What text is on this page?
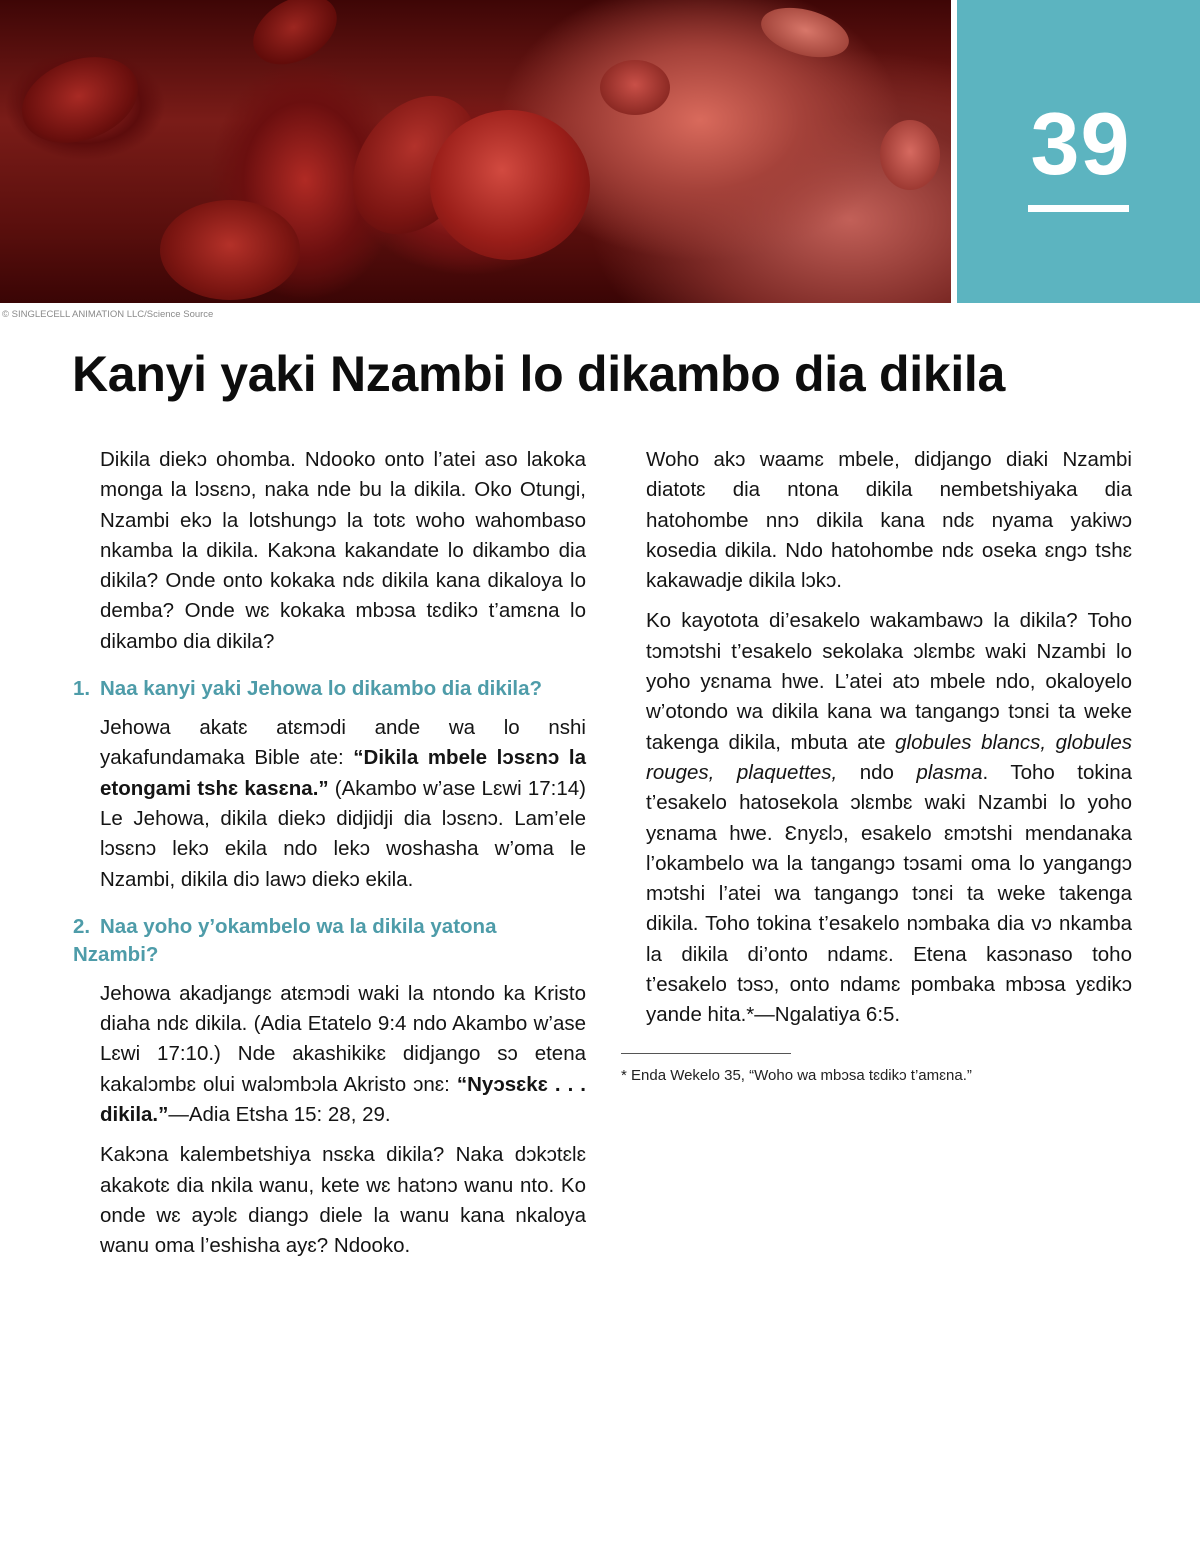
39
© SINGLECELL ANIMATION LLC/Science Source
Kanyi yaki Nzambi lo dikambo dia dikila

Dikila diekɔ ohomba. Ndooko onto l’atei aso lakoka monga la lɔsɛnɔ, naka nde bu la dikila. Oko Otungi, Nzambi ekɔ la lotshungɔ la totɛ woho wahombaso nkamba la dikila. Kakɔna kakandate lo dikambo dia dikila? Onde onto kokaka ndɛ dikila kana dikaloya lo demba? Onde wɛ kokaka mbɔsa tɛdikɔ t’amɛna lo dikambo dia dikila?

1. Naa kanyi yaki Jehowa lo dikambo dia dikila?

Jehowa akatɛ atɛmɔdi ande wa lo nshi yakafundamaka Bible ate: “Dikila mbele lɔsɛnɔ la etongami tshɛ kasɛna.” (Akambo w’ase Lɛwi 17:14) Le Jehowa, dikila diekɔ didjidji dia lɔsɛnɔ. Lam’ele lɔsɛnɔ lekɔ ekila ndo lekɔ woshasha w’oma le Nzambi, dikila diɔ lawɔ diekɔ ekila.

2. Naa yoho y’okambelo wa la dikila yatona Nzambi?

Jehowa akadjangɛ atɛmɔdi waki la ntondo ka Kristo diaha ndɛ dikila. (Adia Etatelo 9:4 ndo Akambo w’ase Lɛwi 17:10.) Nde akashikikɛ didjango sɔ etena kakalɔmbɛ olui walɔmbɔla Akristo ɔnɛ: “Nyɔsɛkɛ . . . dikila.”—Adia Etsha 15: 28, 29.

Kakɔna kalembetshiya nsɛka dikila? Naka dɔkɔtɛlɛ akakotɛ dia nkila wanu, kete wɛ hatɔnɔ wanu nto. Ko onde wɛ ayɔlɛ diangɔ diele la wanu kana nkaloya wanu oma l’eshisha ayɛ? Ndooko.

Woho akɔ waamɛ mbele, didjango diaki Nzambi diatotɛ dia ntona dikila nembetshiyaka dia hatohombe nnɔ dikila kana ndɛ nyama yakiwɔ kosedia dikila. Ndo hatohombe ndɛ oseka ɛngɔ tshɛ kakawadje dikila lɔkɔ.

Ko kayototа di’esakelo wakambawɔ la dikila? Toho tɔmɔtshi t’esakelo sekolaka ɔlɛmbɛ waki Nzambi lo yoho yɛnama hwe. L’atei atɔ mbele ndo, okaloyelo w’otondo wa dikila kana wa tangangɔ tɔnɛi ta weke takenga dikila, mbuta ate globules blancs, globules rouges, plaquettes, ndo plasma. Toho tokina t’esakelo hatosekola ɔlɛmbɛ waki Nzambi lo yoho yɛnama hwe. Ɛnyɛlɔ, esakelo ɛmɔtshi mendanaka l’okambelo wa la tangangɔ tɔsami oma lo yangangɔ mɔtshi l’atei wa tangangɔ tɔnɛi ta weke takenga dikila. Toho tokina t’esakelo nɔmbaka dia vɔ nkamba la dikila di’onto ndamɛ. Etena kasɔnaso toho t’esakelo tɔsɔ, onto ndamɛ pombaka mbɔsa yɛdikɔ yande hita.*—Ngalatiya 6:5.

* Enda Wekelo 35, “Woho wa mbɔsa tɛdikɔ t’amɛna.”
